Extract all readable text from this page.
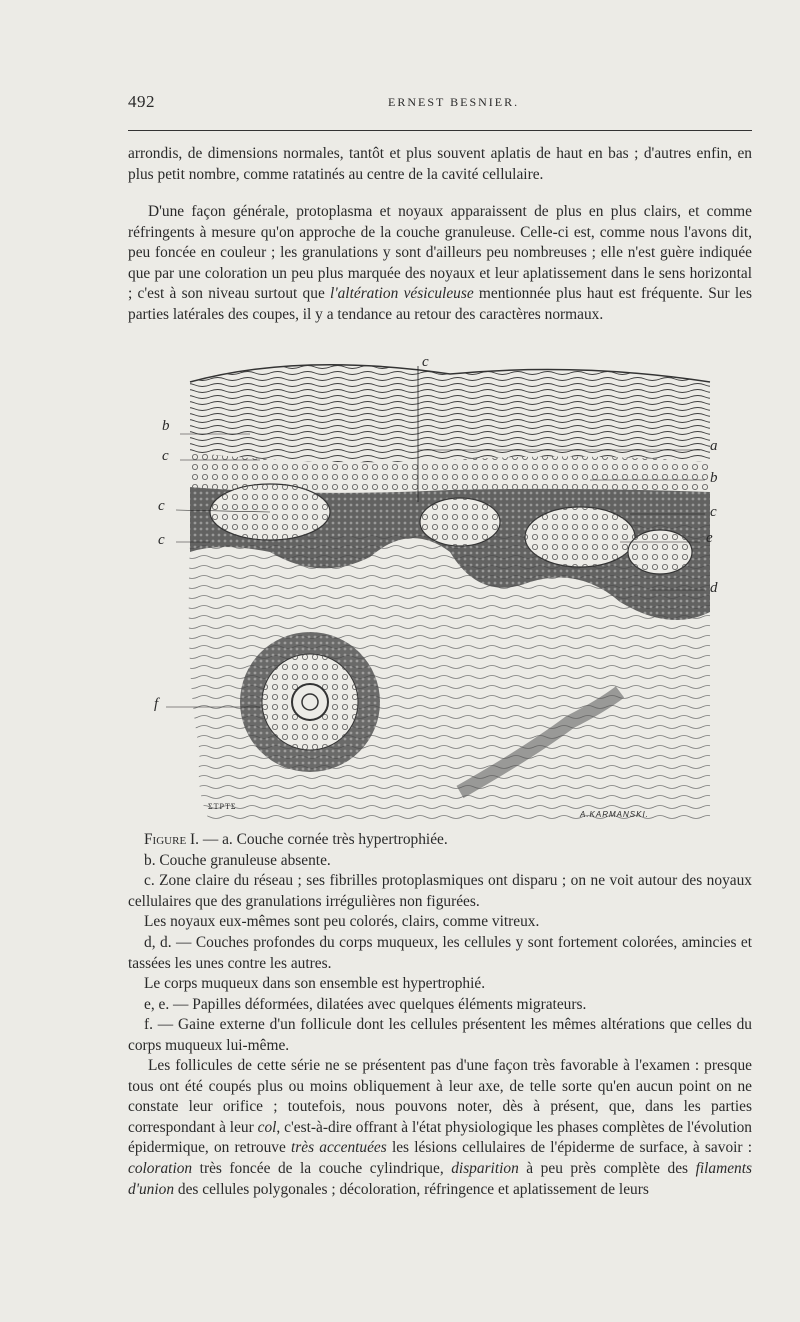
492	ERNEST BESNIER.

arrondis, de dimensions normales, tantôt et plus souvent aplatis de haut en bas ; d'autres enfin, en plus petit nombre, comme ratatinés au centre de la cavité cellulaire.

D'une façon générale, protoplasma et noyaux apparaissent de plus en plus clairs, et comme réfringents à mesure qu'on approche de la couche granuleuse. Celle-ci est, comme nous l'avons dit, peu foncée en couleur ; les granulations y sont d'ailleurs peu nombreuses ; elle n'est guère indiquée que par une coloration un peu plus marquée des noyaux et leur aplatissement dans le sens horizontal ; c'est à son niveau surtout que l'altération vésiculeuse mentionnée plus haut est fréquente. Sur les parties latérales des coupes, il y a tendance au retour des caractères normaux.

b
c
c
c
f
c
a
b
c
e
d
ΣΤΡΤΣ
A.KARMANSKI.

Figure I. — a. Couche cornée très hypertrophiée.

b. Couche granuleuse absente.

c. Zone claire du réseau ; ses fibrilles protoplasmiques ont disparu ; on ne voit autour des noyaux cellulaires que des granulations irrégulières non figurées.

Les noyaux eux-mêmes sont peu colorés, clairs, comme vitreux.

d, d. — Couches profondes du corps muqueux, les cellules y sont fortement colorées, amincies et tassées les unes contre les autres.

Le corps muqueux dans son ensemble est hypertrophié.

e, e. — Papilles déformées, dilatées avec quelques éléments migrateurs.

f. — Gaine externe d'un follicule dont les cellules présentent les mêmes altérations que celles du corps muqueux lui-même.

Les follicules de cette série ne se présentent pas d'une façon très favorable à l'examen : presque tous ont été coupés plus ou moins obliquement à leur axe, de telle sorte qu'en aucun point on ne constate leur orifice ; toutefois, nous pouvons noter, dès à présent, que, dans les parties correspondant à leur col, c'est-à-dire offrant à l'état physiologique les phases complètes de l'évolution épidermique, on retrouve très accentuées les lésions cellulaires de l'épiderme de surface, à savoir : coloration très foncée de la couche cylindrique, disparition à peu près complète des filaments d'union des cellules polygonales ; décoloration, réfringence et aplatissement de leurs
